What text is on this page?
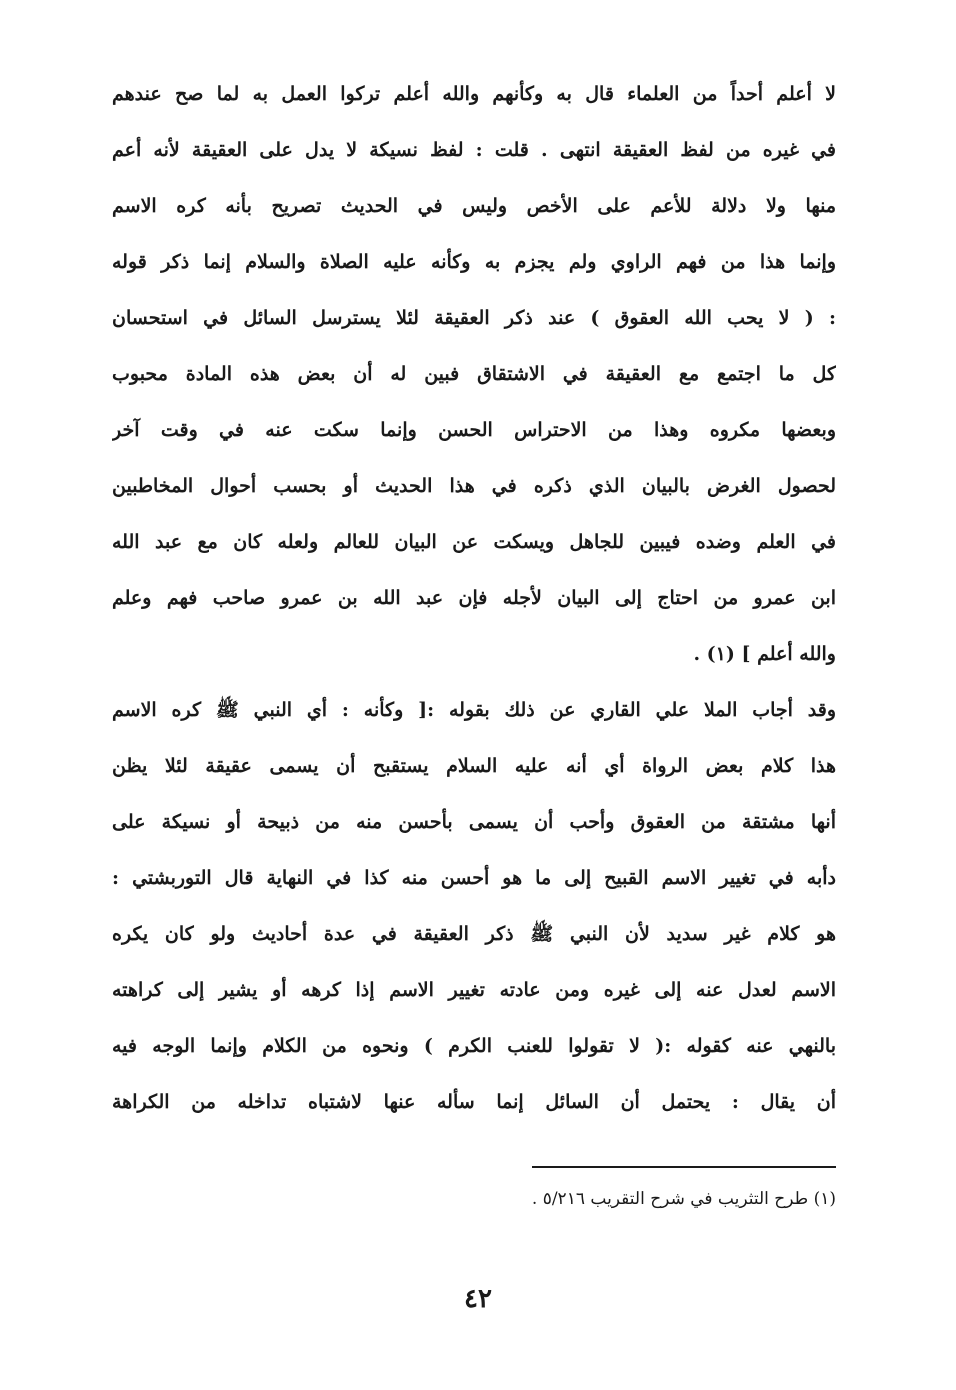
لا أعلم أحداً من العلماء قال به وكأنهم والله أعلم تركوا العمل به لما صح عندهم
في غيره من لفظ العقيقة انتهى . قلت : لفظ نسيكة لا يدل على العقيقة لأنه أعم
منها ولا دلالة للأعم على الأخص وليس في الحديث تصريح بأنه كره الاسم
وإنما هذا من فهم الراوي ولم يجزم به وكأنه عليه الصلاة والسلام إنما ذكر قوله
: ( لا يحب الله العقوق ) عند ذكر العقيقة لئلا يسترسل السائل في استحسان
كل ما اجتمع مع العقيقة في الاشتقاق فبين له أن بعض هذه المادة محبوب
وبعضها مكروه وهذا من الاحتراس الحسن وإنما سكت عنه في وقت آخر
لحصول الغرض بالبيان الذي ذكره في هذا الحديث أو بحسب أحوال المخاطبين
في العلم وضده فيبين للجاهل ويسكت عن البيان للعالم ولعله كان مع عبد الله
ابن عمرو من احتاج إلى البيان لأجله فإن عبد الله بن عمرو صاحب فهم وعلم
والله أعلم ] (١) .
وقد أجاب الملا علي القاري عن ذلك بقوله :[ وكأنه : أي النبي ﷺ كره الاسم
هذا كلام بعض الرواة أي أنه عليه السلام يستقبح أن يسمى عقيقة لئلا يظن
أنها مشتقة من العقوق وأحب أن يسمى بأحسن منه من ذبيحة أو نسيكة على
دأبه في تغيير الاسم القبيح إلى ما هو أحسن منه كذا في النهاية قال التوربشتي :
هو كلام غير سديد لأن النبي ﷺ ذكر العقيقة في عدة أحاديث ولو كان يكره
الاسم لعدل عنه إلى غيره ومن عادته تغيير الاسم إذا كرهه أو يشير إلى كراهته
بالنهي عنه كقوله :( لا تقولوا للعنب الكرم ) ونحوه من الكلام وإنما الوجه فيه
أن يقال : يحتمل أن السائل إنما سأله عنها لاشتباه تداخله من الكراهة
(١) طرح التثريب في شرح التقريب ٥/٢١٦ .
٤٢
